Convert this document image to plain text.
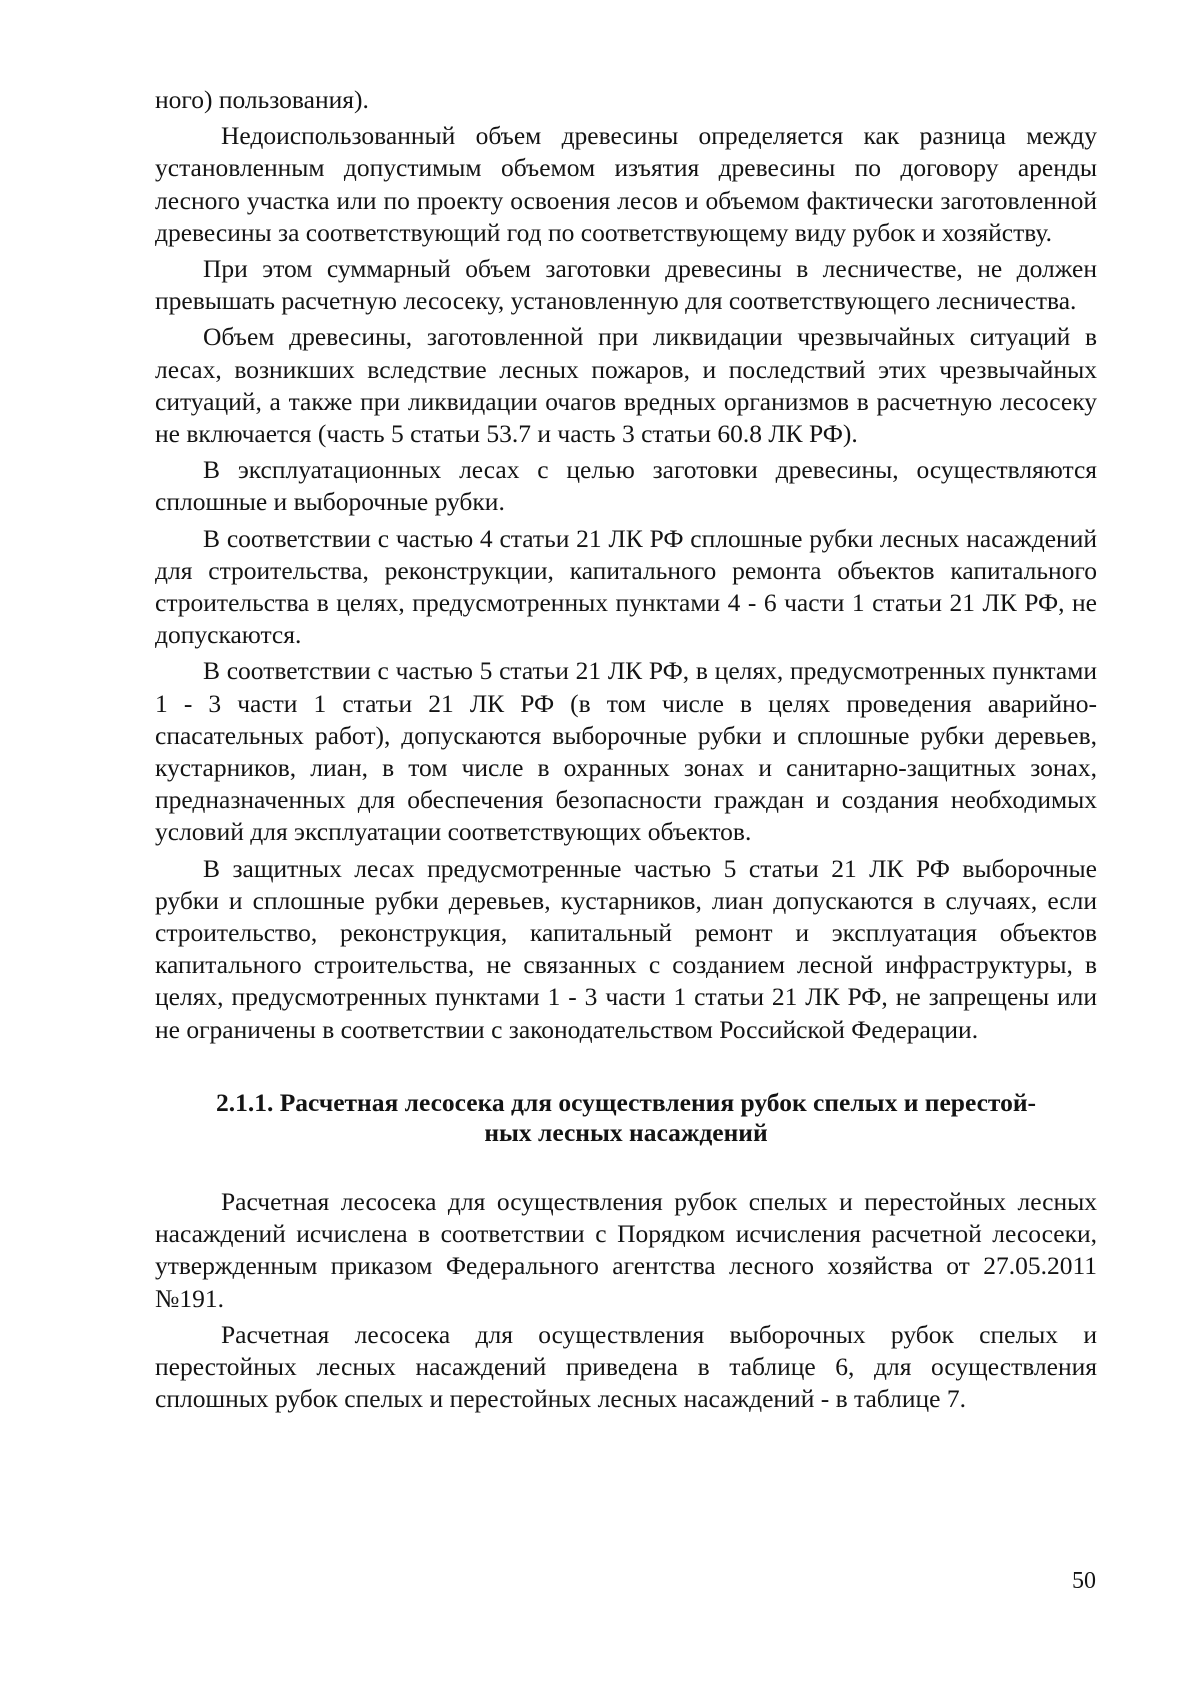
ного) пользования).

Недоиспользованный объем древесины определяется как разница между установленным допустимым объемом изъятия древесины по договору аренды лесного участка или по проекту освоения лесов и объемом фактически заготовленной древесины за соответствующий год по соответствующему виду рубок и хозяйству.

При этом суммарный объем заготовки древесины в лесничестве, не должен превышать расчетную лесосеку, установленную для соответствующего лесничества.

Объем древесины, заготовленной при ликвидации чрезвычайных ситуаций в лесах, возникших вследствие лесных пожаров, и последствий этих чрезвычайных ситуаций, а также при ликвидации очагов вредных организмов в расчетную лесосеку не включается (часть 5 статьи 53.7 и часть 3 статьи 60.8 ЛК РФ).

В эксплуатационных лесах с целью заготовки древесины, осуществляются сплошные и выборочные рубки.

В соответствии с частью 4 статьи 21 ЛК РФ сплошные рубки лесных насаждений для строительства, реконструкции, капитального ремонта объектов капитального строительства в целях, предусмотренных пунктами 4 - 6 части 1 статьи 21 ЛК РФ, не допускаются.

В соответствии с частью 5 статьи 21 ЛК РФ, в целях, предусмотренных пунктами 1 - 3 части 1 статьи 21 ЛК РФ (в том числе в целях проведения аварийно-спасательных работ), допускаются выборочные рубки и сплошные рубки деревьев, кустарников, лиан, в том числе в охранных зонах и санитарно-защитных зонах, предназначенных для обеспечения безопасности граждан и создания необходимых условий для эксплуатации соответствующих объектов.

В защитных лесах предусмотренные частью 5 статьи 21 ЛК РФ выборочные рубки и сплошные рубки деревьев, кустарников, лиан допускаются в случаях, если строительство, реконструкция, капитальный ремонт и эксплуатация объектов капитального строительства, не связанных с созданием лесной инфраструктуры, в целях, предусмотренных пунктами 1 - 3 части 1 статьи 21 ЛК РФ, не запрещены или не ограничены в соответствии с законодательством Российской Федерации.

2.1.1. Расчетная лесосека для осуществления рубок спелых и перестой-
ных лесных насаждений

Расчетная лесосека для осуществления рубок спелых и перестойных лесных насаждений исчислена в соответствии с Порядком исчисления расчетной лесосеки, утвержденным приказом Федерального агентства лесного хозяйства от 27.05.2011 №191.

Расчетная лесосека для осуществления выборочных рубок спелых и перестойных лесных насаждений приведена в таблице 6, для осуществления сплошных рубок спелых и перестойных лесных насаждений - в таблице 7.

50
